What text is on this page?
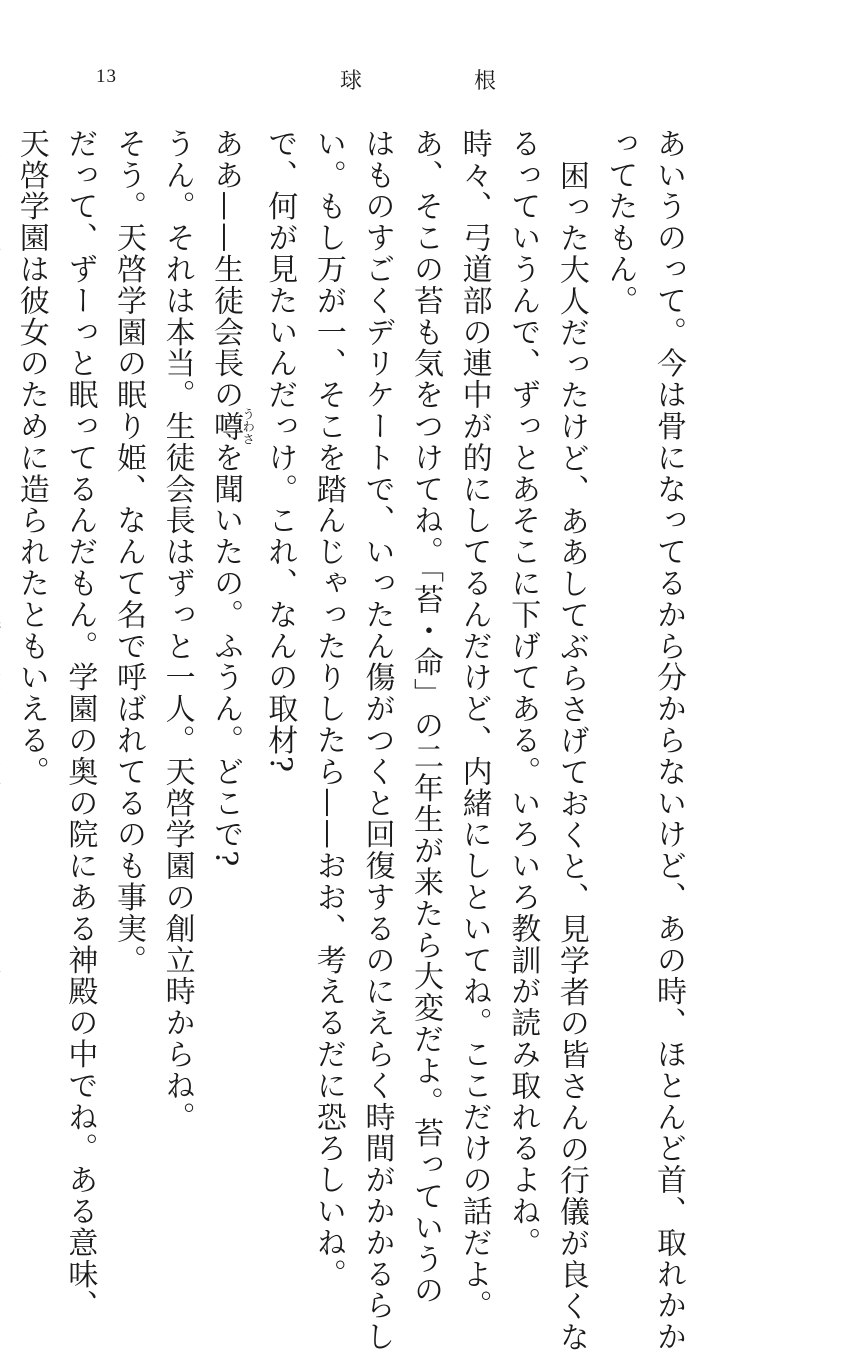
13	球根

あいうのって。今は骨になってるから分からないけど、あの時、ほとんど首、取れかか

ってたもん。

困った大人だったけど、ああしてぶらさげておくと、見学者の皆さんの行儀が良くな

るっていうんで、ずっとあそこに下げてある。いろいろ教訓が読み取れるよね。

時々、弓道部の連中が的にしてるんだけど、内緒にしといてね。ここだけの話だよ。

あ、そこの苔も気をつけてね。「苔・命」の二年生が来たら大変だよ。苔っていうの

はものすごくデリケートで、いったん傷がつくと回復するのにえらく時間がかかるらし

い。もし万が一、そこを踏んじゃったりしたら——おお、考えるだに恐ろしいね。

で、何が見たいんだっけ。これ、なんの取材?

ああ——生徒会長の噂うわさを聞いたの。ふうん。どこで?

うん。それは本当。生徒会長はずっと一人。天啓学園の創立時からね。

そう。天啓学園の眠り姫、なんて名で呼ばれてるのも事実。

だって、ずーっと眠ってるんだもん。学園の奥の院にある神殿の中でね。ある意味、

天啓学園は彼女のために造られたともいえる。
